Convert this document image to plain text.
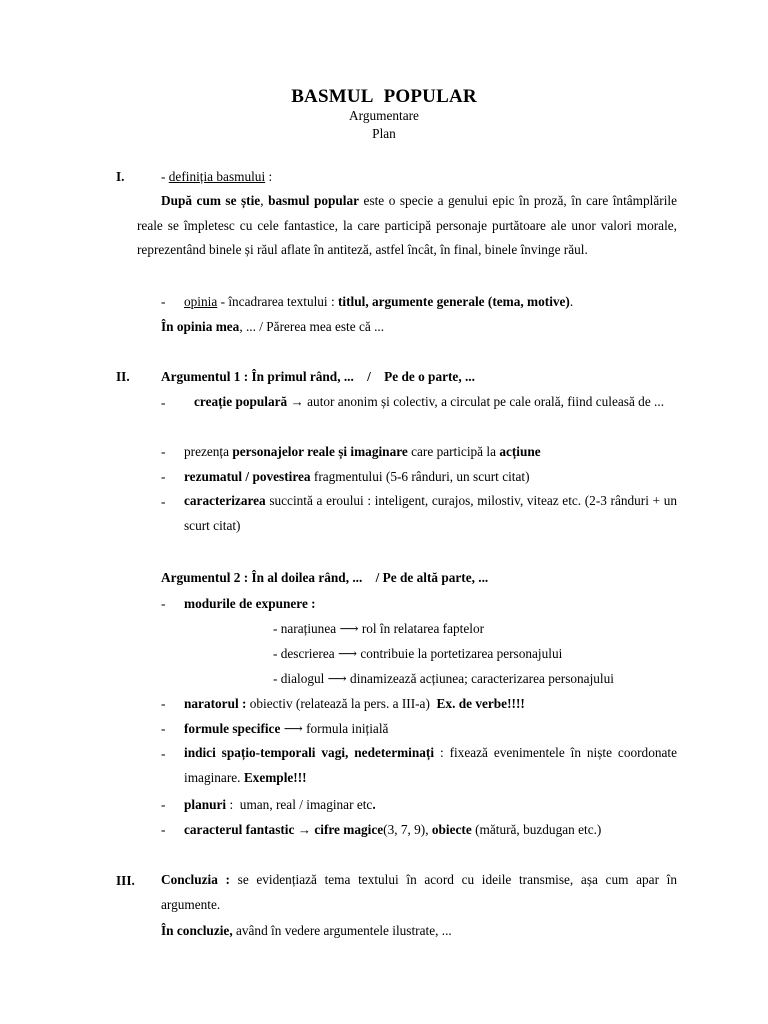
BASMUL POPULAR
Argumentare
Plan
I.	- definiția basmului :
După cum se știe, basmul popular este o specie a genului epic în proză, în care întâmplările reale se împletesc cu cele fantastice, la care participă personaje purtătoare ale unor valori morale, reprezentând binele și răul aflate în antiteză, astfel încât, în final, binele învinge răul.
- opinia - încadrarea textului : titlul, argumente generale (tema, motive).
În opinia mea, ... / Părerea mea este că ...
II. Argumentul 1 : În primul rând, ...    /    Pe de o parte, ...
-	creație populară → autor anonim și colectiv, a circulat pe cale orală, fiind culeasă de ...
- prezența personajelor reale și imaginare care participă la acțiune
- rezumatul / povestirea fragmentului (5-6 rânduri, un scurt citat)
- caracterizarea succintă a eroului : inteligent, curajos, milostiv, viteaz etc. (2-3 rânduri + un scurt citat)
Argumentul 2 : În al doilea rând, ...    / Pe de altă parte, ...
- modurile de expunere :
- narațiunea ⟶ rol în relatarea faptelor
- descrierea ⟶ contribuie la portetizarea personajului
- dialogul ⟶ dinamizează acțiunea; caracterizarea personajului
- naratorul : obiectiv (relatează la pers. a III-a)  Ex. de verbe!!!!
- formule specifice ⟶ formula inițială
- indici spațio-temporali vagi, nedeterminați : fixează evenimentele în niște coordonate imaginare. Exemple!!!
- planuri :  uman, real / imaginar etc.
- caracterul fantastic → cifre magice(3, 7, 9), obiecte (mătură, buzdugan etc.)
III. Concluzia : se evidențiază tema textului în acord cu ideile transmise, așa cum apar în argumente.
În concluzie, având în vedere argumentele ilustrate, ...
